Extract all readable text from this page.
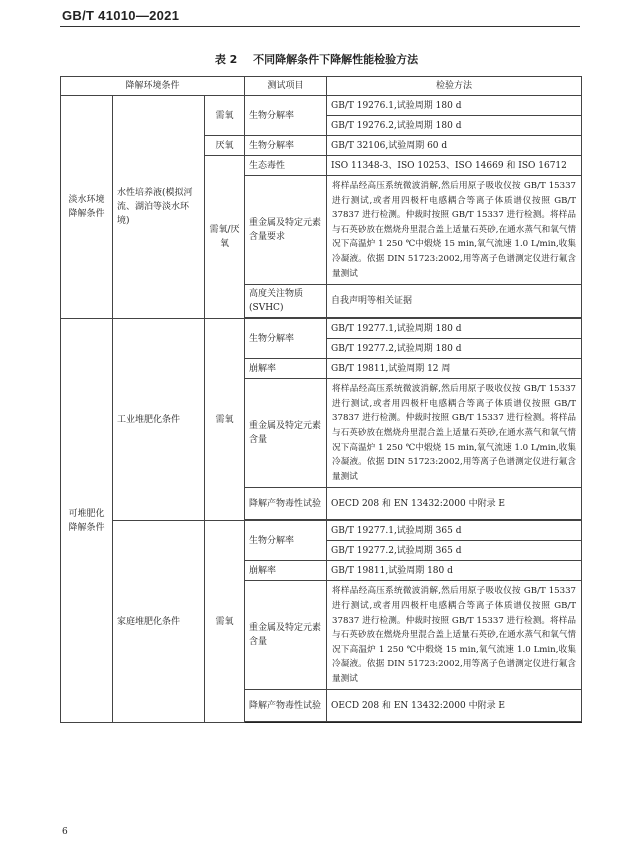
GB/T 41010—2021
表 2 不同降解条件下降解性能检验方法
降解环境条件			测试项目	检验方法
淡水环境降解条件	水性培养液(模拟河流、湖泊等淡水环境)	需氧	生物分解率	GB/T 19276.1,试验周期 180 d
				GB/T 19276.2,试验周期 180 d
		厌氧	生物分解率	GB/T 32106,试验周期 60 d
		需氧/厌氧	生态毒性	ISO 11348-3、ISO 10253、ISO 14669 和 ISO 16712
			重金属及特定元素含量要求	将样品经高压系统微波消解,然后用原子吸收仪按 GB/T 15337 进行测试,或者用四极杆电感耦合等离子体质谱仪按照 GB/T 37837 进行检测。仲裁时按照 GB/T 15337 进行检测。将样品与石英砂放在燃烧舟里混合盖上适量石英砂,在通水蒸气和氧气情况下高温炉 1 250 ℃中煅烧 15 min,氧气流速 1.0 L/min,收集冷凝液。依据 DIN 51723:2002,用等离子色谱测定仪进行氟含量测试
			高度关注物质(SVHC)	自我声明等相关证据

可堆肥化降解条件	工业堆肥化条件	需氧	生物分解率	GB/T 19277.1,试验周期 180 d
				GB/T 19277.2,试验周期 180 d
			崩解率	GB/T 19811,试验周期 12 周
			重金属及特定元素含量	将样品经高压系统微波消解,然后用原子吸收仪按 GB/T 15337 进行测试,或者用四极杆电感耦合等离子体质谱仪按照 GB/T 37837 进行检测。仲裁时按照 GB/T 15337 进行检测。将样品与石英砂放在燃烧舟里混合盖上适量石英砂,在通水蒸气和氧气情况下高温炉 1 250 ℃中煅烧 15 min,氧气流速 1.0 L/min,收集冷凝液。依据 DIN 51723:2002,用等离子色谱测定仪进行氟含量测试
			降解产物毒性试验	OECD 208 和 EN 13432:2000 中附录 E

	家庭堆肥化条件	需氧	生物分解率	GB/T 19277.1,试验周期 365 d
				GB/T 19277.2,试验周期 365 d
			崩解率	GB/T 19811,试验周期 180 d
			重金属及特定元素含量	将样品经高压系统微波消解,然后用原子吸收仪按 GB/T 15337 进行测试,或者用四极杆电感耦合等离子体质谱仪按照 GB/T 37837 进行检测。仲裁时按照 GB/T 15337 进行检测。将样品与石英砂放在燃烧舟里混合盖上适量石英砂,在通水蒸气和氧气情况下高温炉 1 250 ℃中煅烧 15 min,氧气流速 1.0 Lmin,收集冷凝液。依据 DIN 51723:2002,用等离子色谱测定仪进行氟含量测试
			降解产物毒性试验	OECD 208 和 EN 13432:2000 中附录 E

6
